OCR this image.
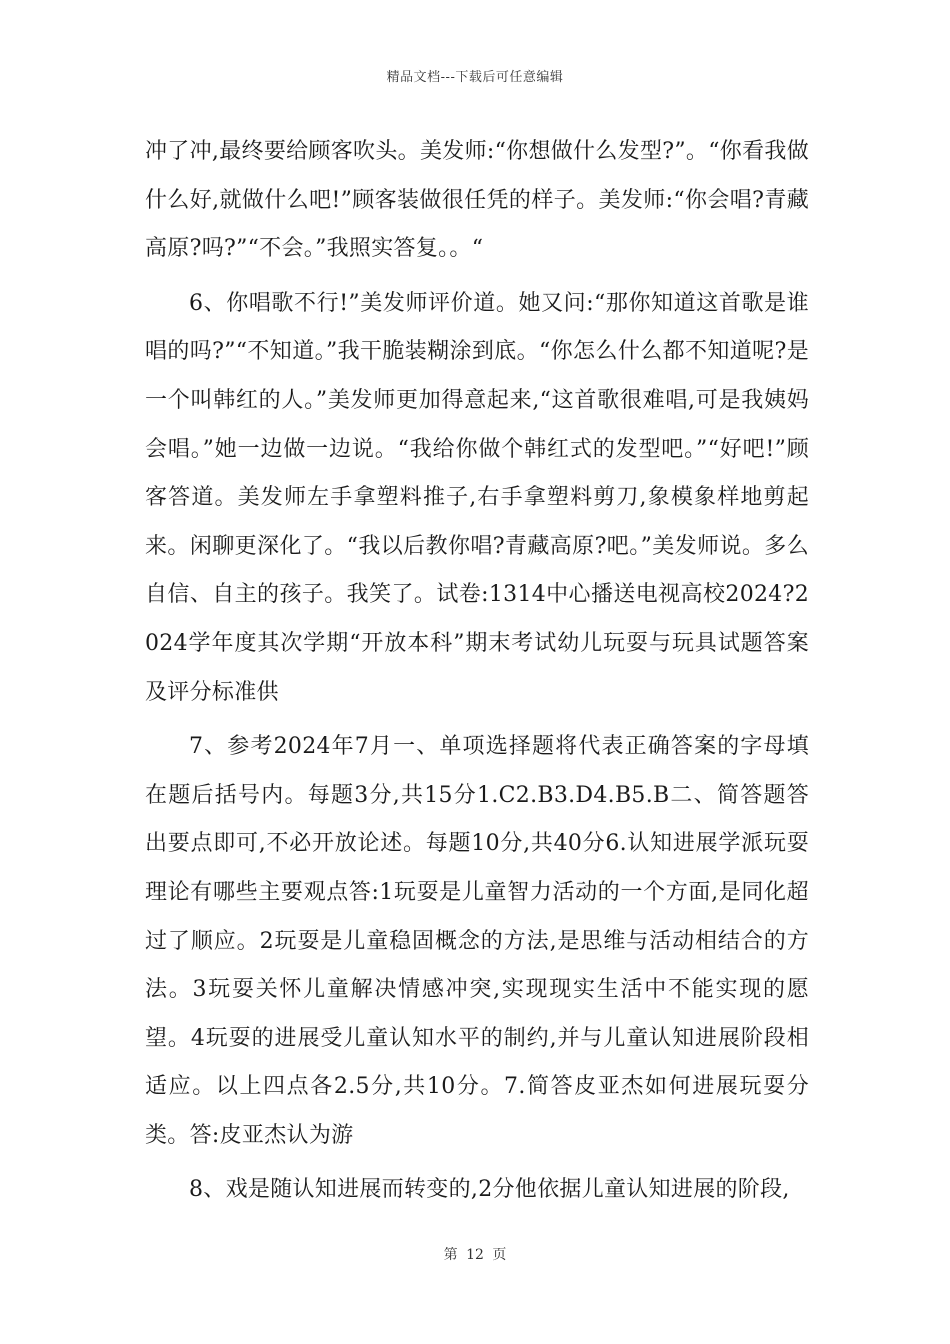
精品文档---下载后可任意编辑

冲了冲,最终要给顾客吹头。美发师:“你想做什么发型?”。“你看我做什么好,就做什么吧!”顾客装做很任凭的样子。美发师:“你会唱?青藏高原?吗?”“不会。”我照实答复。。“

6、你唱歌不行!”美发师评价道。她又问:“那你知道这首歌是谁唱的吗?”“不知道。”我干脆装糊涂到底。“你怎么什么都不知道呢?是一个叫韩红的人。”美发师更加得意起来,“这首歌很难唱,可是我姨妈会唱。”她一边做一边说。“我给你做个韩红式的发型吧。”“好吧!”顾客答道。美发师左手拿塑料推子,右手拿塑料剪刀,象模象样地剪起来。闲聊更深化了。“我以后教你唱?青藏高原?吧。”美发师说。多么自信、自主的孩子。我笑了。试卷:1314中心播送电视高校2024?2024学年度其次学期“开放本科”期末考试幼儿玩耍与玩具试题答案及评分标准供

7、参考2024年7月一、单项选择题将代表正确答案的字母填在题后括号内。每题3分,共15分1.C2.B3.D4.B5.B二、简答题答出要点即可,不必开放论述。每题10分,共40分6.认知进展学派玩耍理论有哪些主要观点答:1玩耍是儿童智力活动的一个方面,是同化超过了顺应。2玩耍是儿童稳固概念的方法,是思维与活动相结合的方法。3玩耍关怀儿童解决情感冲突,实现现实生活中不能实现的愿望。4玩耍的进展受儿童认知水平的制约,并与儿童认知进展阶段相适应。以上四点各2.5分,共10分。7.简答皮亚杰如何进展玩耍分类。答:皮亚杰认为游

8、戏是随认知进展而转变的,2分他依据儿童认知进展的阶段,

第 12 页
